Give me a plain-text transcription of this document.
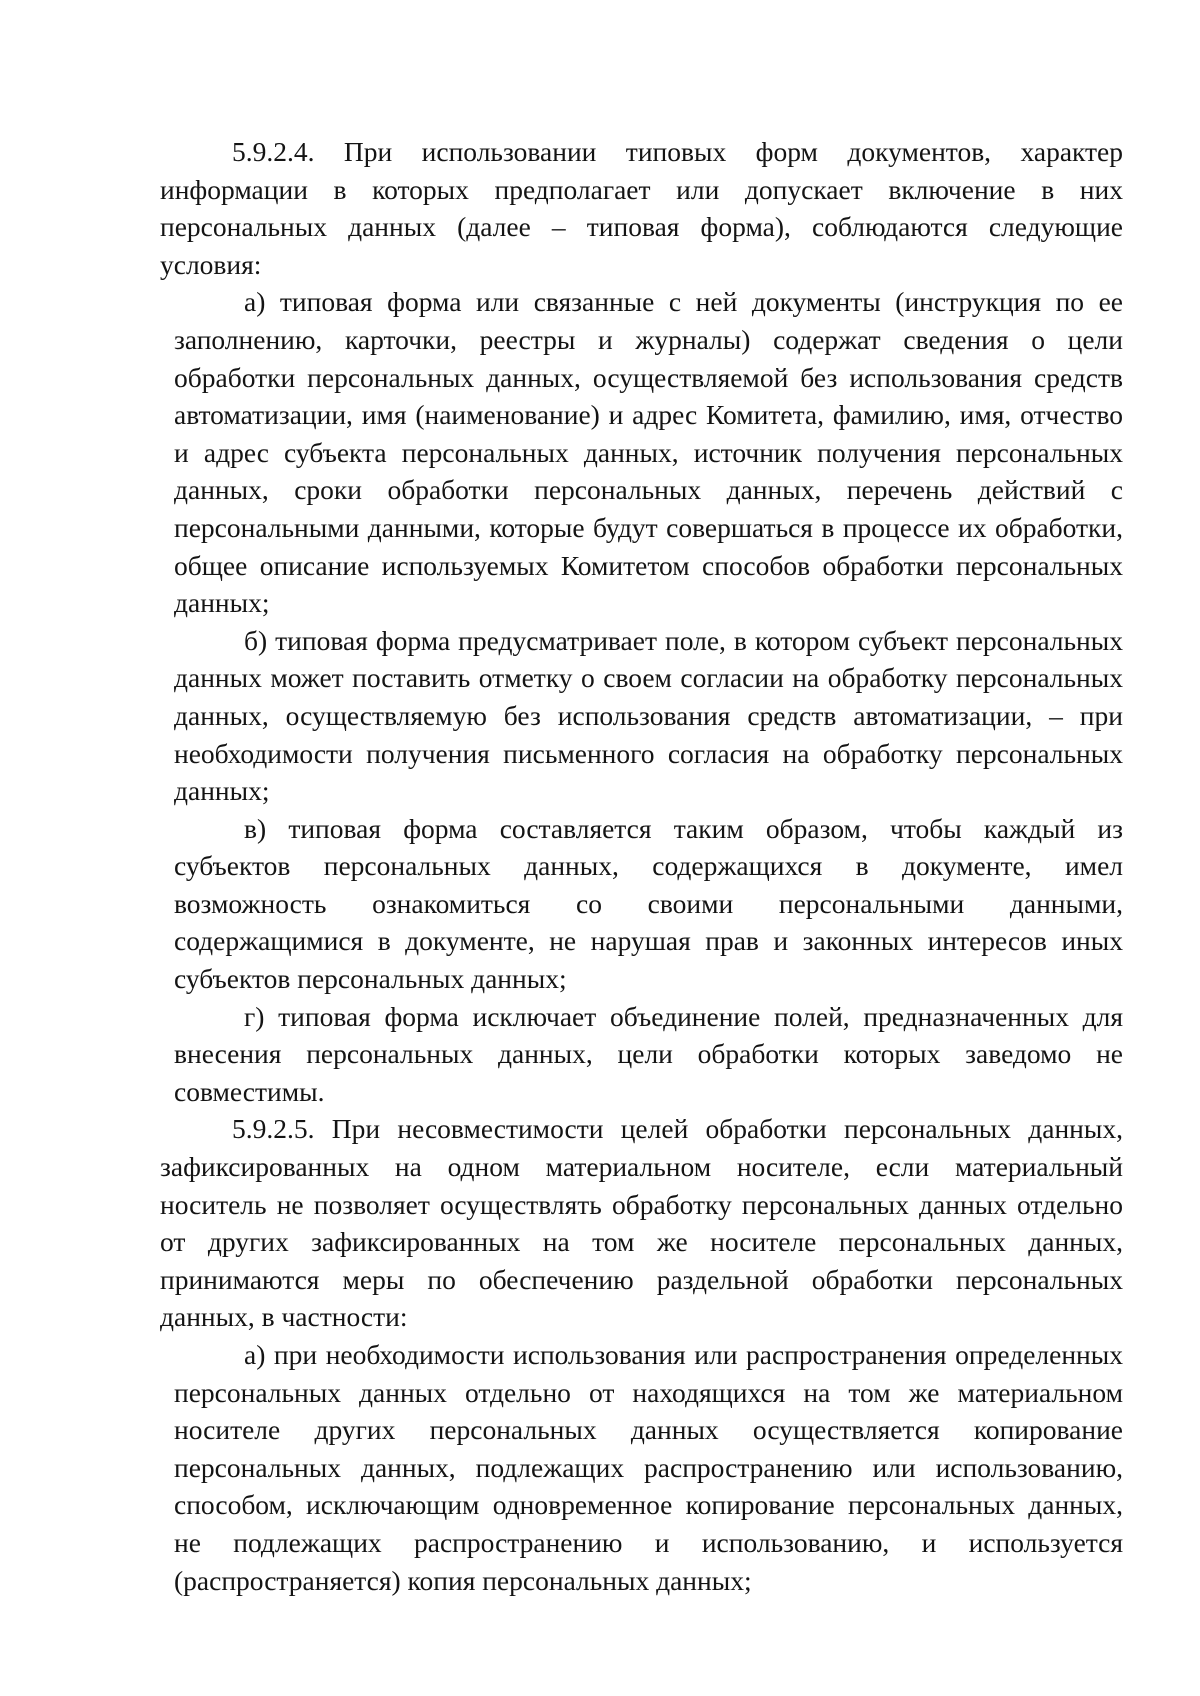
5.9.2.4. При использовании типовых форм документов, характер информации в которых предполагает или допускает включение в них персональных данных (далее – типовая форма), соблюдаются следующие условия:

а) типовая форма или связанные с ней документы (инструкция по ее заполнению, карточки, реестры и журналы) содержат сведения о цели обработки персональных данных, осуществляемой без использования средств автоматизации, имя (наименование) и адрес Комитета, фамилию, имя, отчество и адрес субъекта персональных данных, источник получения персональных данных, сроки обработки персональных данных, перечень действий с персональными данными, которые будут совершаться в процессе их обработки, общее описание используемых Комитетом способов обработки персональных данных;

б) типовая форма предусматривает поле, в котором субъект персональных данных может поставить отметку о своем согласии на обработку персональных данных, осуществляемую без использования средств автоматизации, – при необходимости получения письменного согласия на обработку персональных данных;

в) типовая форма составляется таким образом, чтобы каждый из субъектов персональных данных, содержащихся в документе, имел возможность ознакомиться со своими персональными данными, содержащимися в документе, не нарушая прав и законных интересов иных субъектов персональных данных;

г) типовая форма исключает объединение полей, предназначенных для внесения персональных данных, цели обработки которых заведомо не совместимы.

5.9.2.5. При несовместимости целей обработки персональных данных, зафиксированных на одном материальном носителе, если материальный носитель не позволяет осуществлять обработку персональных данных отдельно от других зафиксированных на том же носителе персональных данных, принимаются меры по обеспечению раздельной обработки персональных данных, в частности:

а) при необходимости использования или распространения определенных персональных данных отдельно от находящихся на том же материальном носителе других персональных данных осуществляется копирование персональных данных, подлежащих распространению или использованию, способом, исключающим одновременное копирование персональных данных, не подлежащих распространению и использованию, и используется (распространяется) копия персональных данных;
